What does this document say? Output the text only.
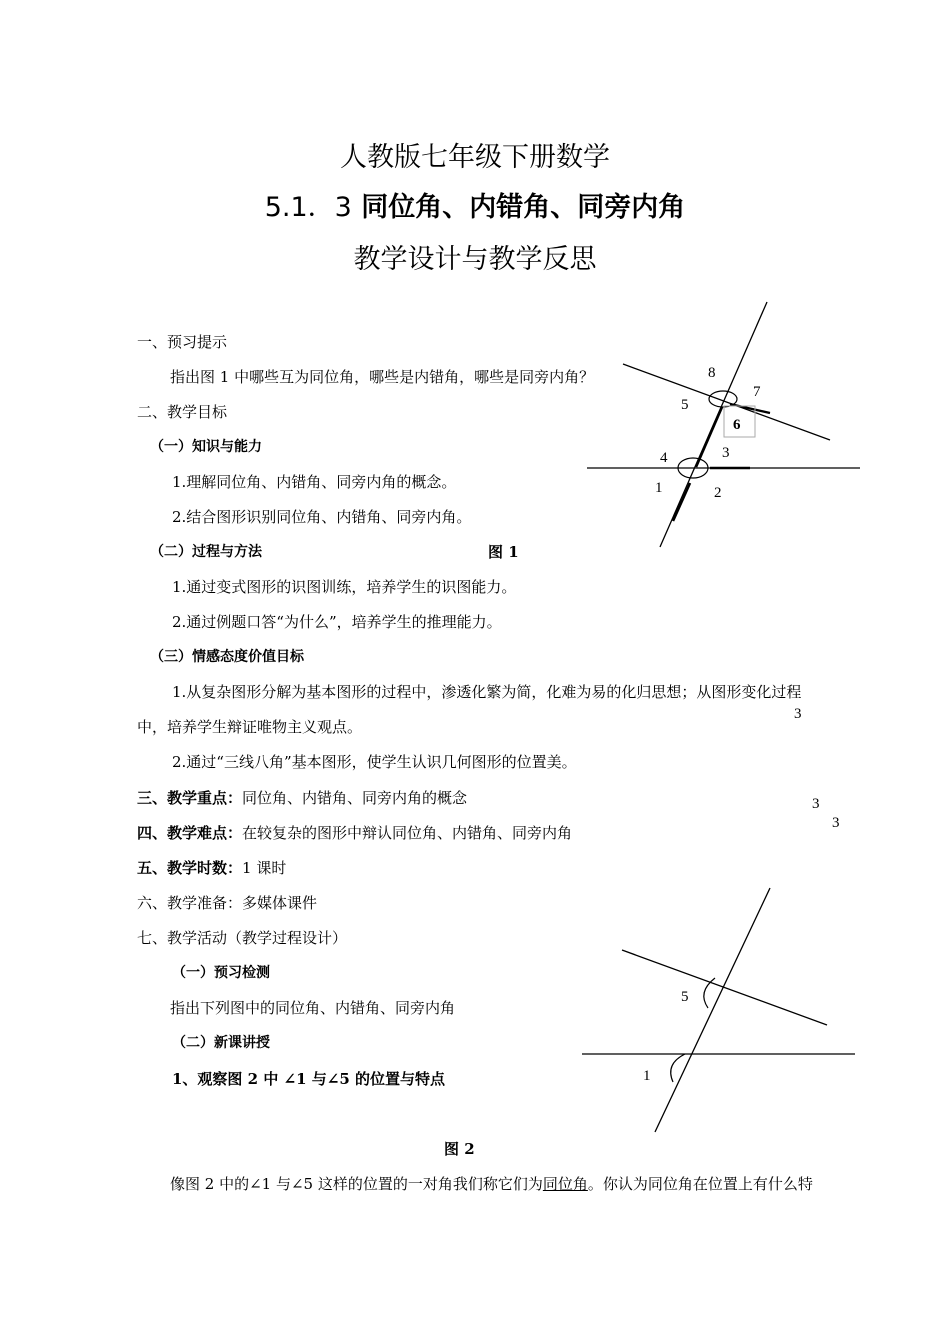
人教版七年级下册数学
5.1．3 同位角、内错角、同旁内角
教学设计与教学反思
一、预习提示
指出图 1 中哪些互为同位角，哪些是内错角，哪些是同旁内角？
二、教学目标
（一）知识与能力
1.理解同位角、内错角、同旁内角的概念。
2.结合图形识别同位角、内错角、同旁内角。
（二）过程与方法	图 1
1.通过变式图形的识图训练，培养学生的识图能力。
2.通过例题口答“为什么”，培养学生的推理能力。
（三）情感态度价值目标
1.从复杂图形分解为基本图形的过程中，渗透化繁为简，化难为易的化归思想；从图形变化过程
中，培养学生辩证唯物主义观点。
3
2.通过“三线八角”基本图形，使学生认识几何图形的位置美。
三、教学重点：同位角、内错角、同旁内角的概念	3
四、教学难点：在较复杂的图形中辩认同位角、内错角、同旁内角
3
五、教学时数：1 课时
六、教学准备：多媒体课件
七、教学活动（教学过程设计）
（一）预习检测
指出下列图中的同位角、内错角、同旁内角
（二）新课讲授
1、观察图 2 中 ∠1 与∠5 的位置与特点
图 2
像图 2 中的∠1 与∠5 这样的位置的一对角我们称它们为同位角。你认为同位角在位置上有什么特
8
7
5
6
4	3
1	2
5
1
